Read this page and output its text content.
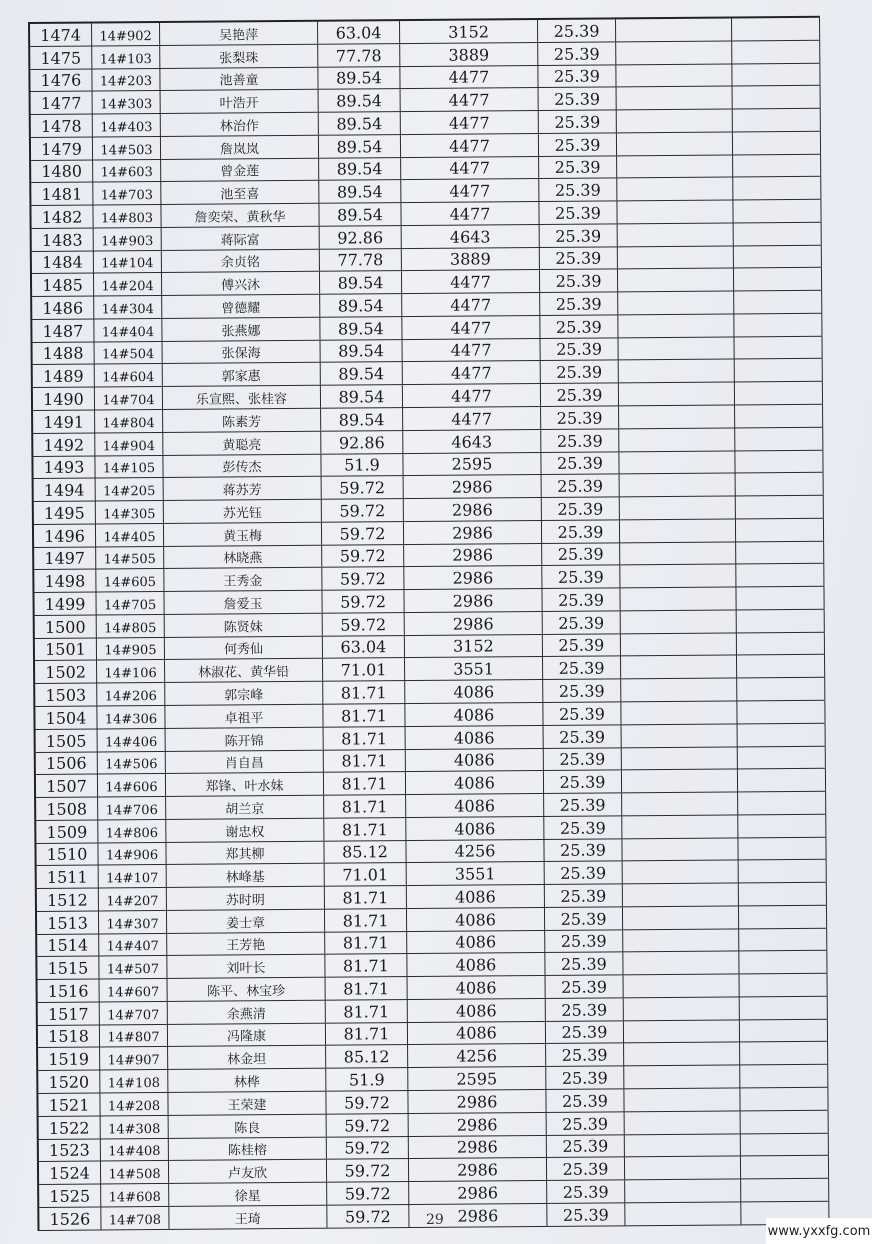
1474	14#902	吴艳萍	63.04	3152	25.39
1475	14#103	张梨珠	77.78	3889	25.39
1476	14#203	池善童	89.54	4477	25.39
1477	14#303	叶浩开	89.54	4477	25.39
1478	14#403	林治作	89.54	4477	25.39
1479	14#503	詹岚岚	89.54	4477	25.39
1480	14#603	曾金莲	89.54	4477	25.39
1481	14#703	池至喜	89.54	4477	25.39
1482	14#803	詹奕荣、黄秋华	89.54	4477	25.39
1483	14#903	蒋际富	92.86	4643	25.39
1484	14#104	余贞铭	77.78	3889	25.39
1485	14#204	傅兴沐	89.54	4477	25.39
1486	14#304	曾德耀	89.54	4477	25.39
1487	14#404	张燕娜	89.54	4477	25.39
1488	14#504	张保海	89.54	4477	25.39
1489	14#604	郭家惠	89.54	4477	25.39
1490	14#704	乐宣熙、张桂容	89.54	4477	25.39
1491	14#804	陈素芳	89.54	4477	25.39
1492	14#904	黄聪亮	92.86	4643	25.39
1493	14#105	彭传杰	51.9	2595	25.39
1494	14#205	蒋苏芳	59.72	2986	25.39
1495	14#305	苏光钰	59.72	2986	25.39
1496	14#405	黄玉梅	59.72	2986	25.39
1497	14#505	林晓燕	59.72	2986	25.39
1498	14#605	王秀金	59.72	2986	25.39
1499	14#705	詹爱玉	59.72	2986	25.39
1500	14#805	陈贤妹	59.72	2986	25.39
1501	14#905	何秀仙	63.04	3152	25.39
1502	14#106	林淑花、黄华铅	71.01	3551	25.39
1503	14#206	郭宗峰	81.71	4086	25.39
1504	14#306	卓祖平	81.71	4086	25.39
1505	14#406	陈开锦	81.71	4086	25.39
1506	14#506	肖自昌	81.71	4086	25.39
1507	14#606	郑锋、叶水妹	81.71	4086	25.39
1508	14#706	胡兰京	81.71	4086	25.39
1509	14#806	谢忠权	81.71	4086	25.39
1510	14#906	郑其柳	85.12	4256	25.39
1511	14#107	林峰基	71.01	3551	25.39
1512	14#207	苏时明	81.71	4086	25.39
1513	14#307	姜士章	81.71	4086	25.39
1514	14#407	王芳艳	81.71	4086	25.39
1515	14#507	刘叶长	81.71	4086	25.39
1516	14#607	陈平、林宝珍	81.71	4086	25.39
1517	14#707	余燕清	81.71	4086	25.39
1518	14#807	冯隆康	81.71	4086	25.39
1519	14#907	林金坦	85.12	4256	25.39
1520	14#108	林桦	51.9	2595	25.39
1521	14#208	王荣建	59.72	2986	25.39
1522	14#308	陈良	59.72	2986	25.39
1523	14#408	陈桂榕	59.72	2986	25.39
1524	14#508	卢友欣	59.72	2986	25.39
1525	14#608	徐星	59.72	2986	25.39
1526	14#708	王琦	59.72	2986	25.39
29
www.yxxfg.com
